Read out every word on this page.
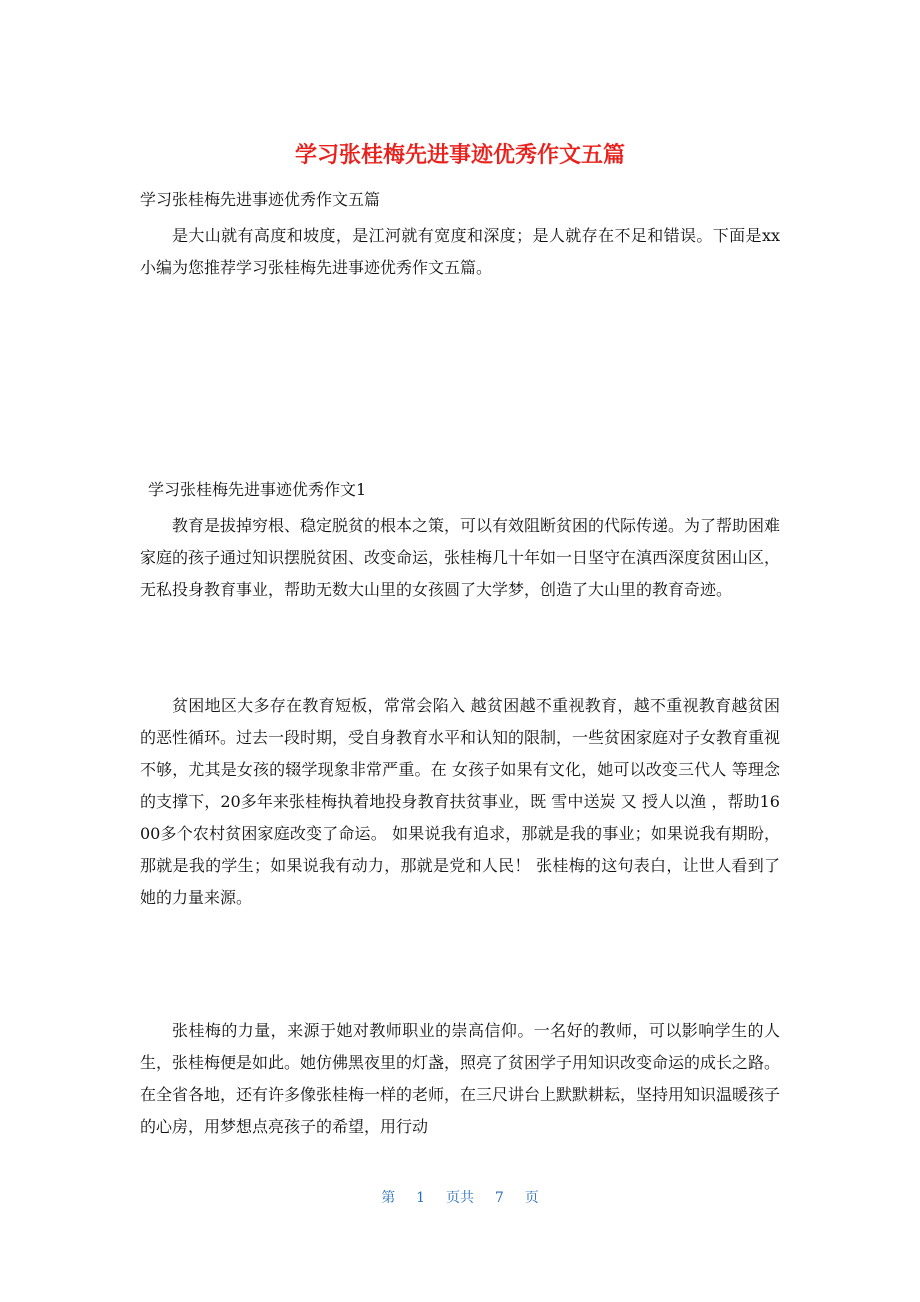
学习张桂梅先进事迹优秀作文五篇

学习张桂梅先进事迹优秀作文五篇

是大山就有高度和坡度，是江河就有宽度和深度；是人就存在不足和错误。下面是xx小编为您推荐学习张桂梅先进事迹优秀作文五篇。

学习张桂梅先进事迹优秀作文1

教育是拔掉穷根、稳定脱贫的根本之策，可以有效阻断贫困的代际传递。为了帮助困难家庭的孩子通过知识摆脱贫困、改变命运，张桂梅几十年如一日坚守在滇西深度贫困山区，无私投身教育事业，帮助无数大山里的女孩圆了大学梦，创造了大山里的教育奇迹。

贫困地区大多存在教育短板，常常会陷入 越贫困越不重视教育，越不重视教育越贫困 的恶性循环。过去一段时期，受自身教育水平和认知的限制，一些贫困家庭对子女教育重视不够，尤其是女孩的辍学现象非常严重。在 女孩子如果有文化，她可以改变三代人 等理念的支撑下，20多年来张桂梅执着地投身教育扶贫事业，既 雪中送炭 又 授人以渔 ，帮助1600多个农村贫困家庭改变了命运。 如果说我有追求，那就是我的事业；如果说我有期盼，那就是我的学生；如果说我有动力，那就是党和人民！ 张桂梅的这句表白，让世人看到了她的力量来源。

张桂梅的力量，来源于她对教师职业的崇高信仰。一名好的教师，可以影响学生的人生，张桂梅便是如此。她仿佛黑夜里的灯盏，照亮了贫困学子用知识改变命运的成长之路。在全省各地，还有许多像张桂梅一样的老师，在三尺讲台上默默耕耘，坚持用知识温暖孩子的心房，用梦想点亮孩子的希望，用行动

第 1 页共 7 页
